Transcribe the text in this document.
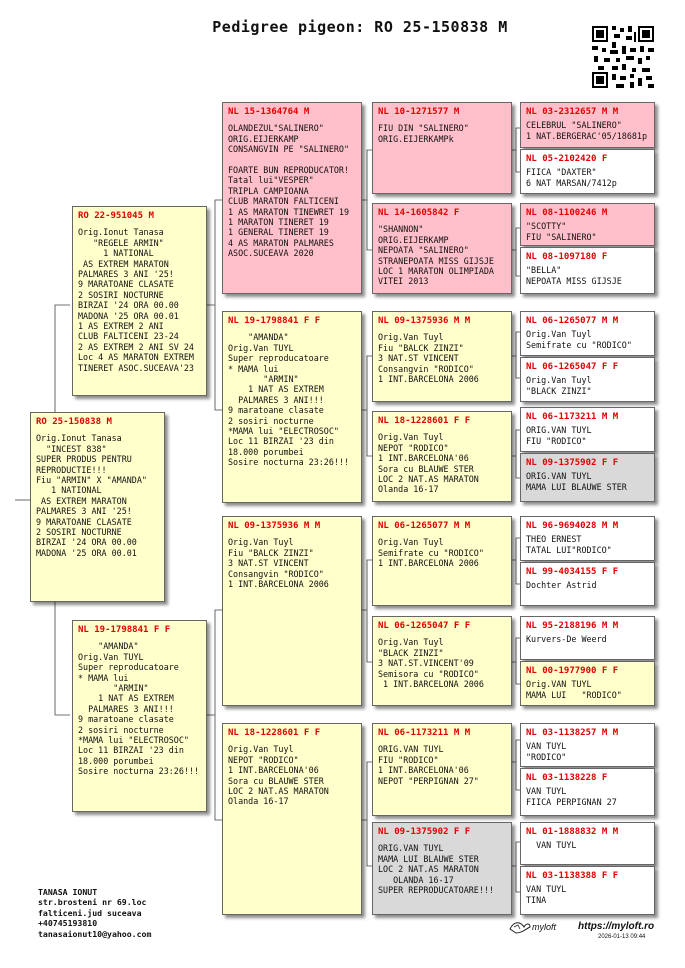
Pedigree pigeon: RO 25-150838 M
RO 25-150838 M
Orig.Ionut Tanasa
"INCEST 838"
SUPER PRODUS PENTRU
REPRODUCTIE!!!
Fiu "ARMIN" X "AMANDA"
1 NATIONAL
AS EXTREM MARATON
PALMARES 3 ANI '25!
9 MARATOANE CLASATE
2 SOSIRI NOCTURNE
BIRZAI '24 ORA 00.00
MADONA '25 ORA 00.01
RO 22-951045 M
Orig.Ionut Tanasa
"REGELE ARMIN"
1 NATIONAL
AS EXTREM MARATON
PALMARES 3 ANI '25!
9 MARATOANE CLASATE
2 SOSIRI NOCTURNE
BIRZAI '24 ORA 00.00
MADONA '25 ORA 00.01
1 AS EXTREM 2 ANI
CLUB FALTICENI 23-24
2 AS EXTREM 2 ANI SV 24
Loc 4 AS MARATON EXTREM
TINERET ASOC.SUCEAVA'23
NL 19-1798841 F F
"AMANDA"
Orig.Van TUYL
Super reproducatoare
* MAMA lui
"ARMIN"
1 NAT AS EXTREM
PALMARES 3 ANI!!!
9 maratoane clasate
2 sosiri nocturne
*MAMA lui "ELECTROSOC"
Loc 11 BIRZAI '23 din
18.000 porumbei
Sosire nocturna 23:26!!!
NL 15-1364764 M
OLANDEZUL"SALINERO"
ORIG.EIJERKAMP
CONSANGVIN PE "SALINERO"

FOARTE BUN REPRODUCATOR!
Tatal lui"VESPER"
TRIPLA CAMPIOANA
CLUB MARATON FALTICENI
1 AS MARATON TINEWRET 19
1 MARATON TINERET 19
1 GENERAL TINERET 19
4 AS MARATON PALMARES
ASOC.SUCEAVA 2020
NL 19-1798841 F F
"AMANDA"
Orig.Van TUYL
Super reproducatoare
* MAMA lui
"ARMIN"
1 NAT AS EXTREM
PALMARES 3 ANI!!!
9 maratoane clasate
2 sosiri nocturne
*MAMA lui "ELECTROSOC"
Loc 11 BIRZAI '23 din
18.000 porumbei
Sosire nocturna 23:26!!!
NL 09-1375936 M M
Orig.Van Tuyl
Fiu "BALCK ZINZI"
3 NAT.ST VINCENT
Consangvin "RODICO"
1 INT.BARCELONA 2006
NL 18-1228601 F F
Orig.Van Tuyl
NEPOT "RODICO"
1 INT.BARCELONA'06
Sora cu BLAUWE STER
LOC 2 NAT.AS MARATON
Olanda 16-17
NL 10-1271577 M
FIU DIN "SALINERO"
ORIG.EIJERKAMPk
NL 14-1605842 F
"SHANNON"
ORIG.EIJERKAMP
NEPOATA "SALINERO"
STRANEPOATA MISS GIJSJE
LOC 1 MARATON OLIMPIADA
VITEI 2013
NL 09-1375936 M M
Orig.Van Tuyl
Fiu "BALCK ZINZI"
3 NAT.ST VINCENT
Consangvin "RODICO"
1 INT.BARCELONA 2006
NL 18-1228601 F F
Orig.Van Tuyl
NEPOT "RODICO"
1 INT.BARCELONA'06
Sora cu BLAUWE STER
LOC 2 NAT.AS MARATON
Olanda 16-17
NL 06-1265077 M M
Orig.Van Tuyl
Semifrate cu "RODICO"
1 INT.BARCELONA 2006
NL 06-1265047 F F
Orig.Van Tuyl
"BLACK ZINZI"
3 NAT.ST.VINCENT'09
Semisora cu "RODICO"
1 INT.BARCELONA 2006
NL 06-1173211 M M
ORIG.VAN TUYL
FIU "RODICO"
1 INT.BARCELONA'06
NEPOT "PERPIGNAN 27"
NL 09-1375902 F F
ORIG.VAN TUYL
MAMA LUI BLAUWE STER
LOC 2 NAT.AS MARATON
OLANDA 16-17
SUPER REPRODUCATOARE!!!
NL 03-2312657 M M
CELEBRUL "SALINERO"
1 NAT.BERGERAC'05/18681p
NL 05-2102420 F
FIICA "DAXTER"
6 NAT MARSAN/7412p
NL 08-1100246 M
"SCOTTY"
FIU "SALINERO"
NL 08-1097180 F
"BELLA"
NEPOATA MISS GIJSJE
NL 06-1265077 M M
Orig.Van Tuyl
Semifrate cu "RODICO"
NL 06-1265047 F F
Orig.Van Tuyl
"BLACK ZINZI"
NL 06-1173211 M M
ORIG.VAN TUYL
FIU "RODICO"
NL 09-1375902 F F
ORIG.VAN TUYL
MAMA LUI BLAUWE STER
NL 96-9694028 M M
THEO ERNEST
TATAL LUI"RODICO"
NL 99-4034155 F F
Dochter Astrid
NL 95-2188196 M M
Kurvers-De Weerd
NL 00-1977900 F F
Orig.VAN TUYL
MAMA LUI   "RODICO"
NL 03-1138257 M M
VAN TUYL
"RODICO"
NL 03-1138228 F
VAN TUYL
FIICA PERPIGNAN 27
NL 01-1888832 M M
VAN TUYL
NL 03-1138388 F F
VAN TUYL
TINA
TANASA IONUT
str.brosteni nr 69.loc
falticeni.jud suceava
+40745193810
tanasaionut10@yahoo.com
myloft https://myloft.ro
2026-01-13 09:44
